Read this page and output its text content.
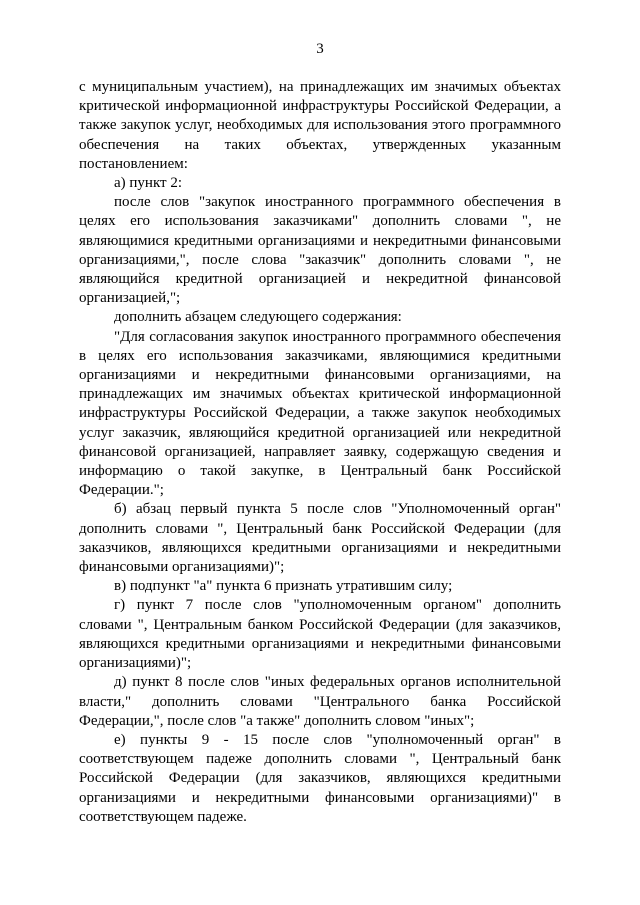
3

с муниципальным участием), на принадлежащих им значимых объектах критической информационной инфраструктуры Российской Федерации, а также закупок услуг, необходимых для использования этого программного обеспечения на таких объектах, утвержденных указанным постановлением:

а) пункт 2:

после слов "закупок иностранного программного обеспечения в целях его использования заказчиками" дополнить словами ", не являющимися кредитными организациями и некредитными финансовыми организациями,", после слова "заказчик" дополнить словами ", не являющийся кредитной организацией и некредитной финансовой организацией,";

дополнить абзацем следующего содержания:

"Для согласования закупок иностранного программного обеспечения в целях его использования заказчиками, являющимися кредитными организациями и некредитными финансовыми организациями, на принадлежащих им значимых объектах критической информационной инфраструктуры Российской Федерации, а также закупок необходимых услуг заказчик, являющийся кредитной организацией или некредитной финансовой организацией, направляет заявку, содержащую сведения и информацию о такой закупке, в Центральный банк Российской Федерации.";

б) абзац первый пункта 5 после слов "Уполномоченный орган" дополнить словами ", Центральный банк Российской Федерации (для заказчиков, являющихся кредитными организациями и некредитными финансовыми организациями)";

в) подпункт "а" пункта 6 признать утратившим силу;

г) пункт 7 после слов "уполномоченным органом" дополнить словами ", Центральным банком Российской Федерации (для заказчиков, являющихся кредитными организациями и некредитными финансовыми организациями)";

д) пункт 8 после слов "иных федеральных органов исполнительной власти," дополнить словами "Центрального банка Российской Федерации,", после слов "а также" дополнить словом "иных";

е) пункты 9 - 15 после слов "уполномоченный орган" в соответствующем падеже дополнить словами ", Центральный банк Российской Федерации (для заказчиков, являющихся кредитными организациями и некредитными финансовыми организациями)" в соответствующем падеже.
